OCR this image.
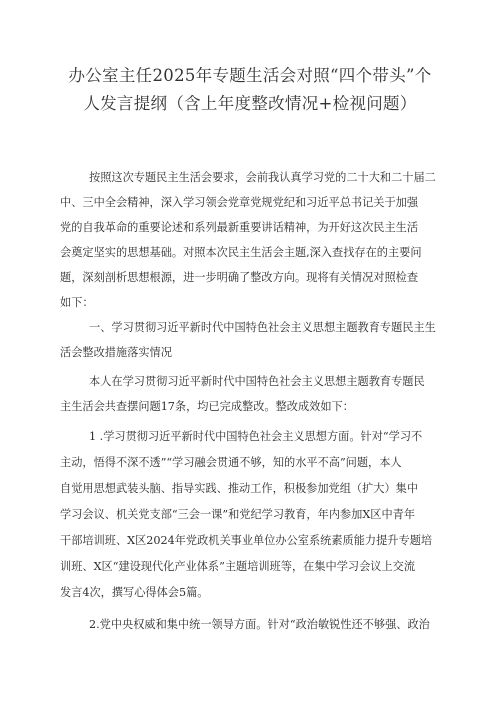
办公室主任2025年专题生活会对照“四个带头”个
人发言提纲（含上年度整改情况+检视问题）
按照这次专题民主生活会要求，会前我认真学习党的二十大和二十届二
中、三中全会精神，深入学习领会党章党规党纪和习近平总书记关于加强
党的自我革命的重要论述和系列最新重要讲话精神，为开好这次民主生活
会奠定坚实的思想基础。对照本次民主生活会主题,深入查找存在的主要问
题，深刻剖析思想根源，进一步明确了整改方向。现将有关情况对照检查
如下：
一、学习贯彻习近平新时代中国特色社会主义思想主题教育专题民主生
活会整改措施落实情况
本人在学习贯彻习近平新时代中国特色社会主义思想主题教育专题民
主生活会共查摆问题17条，均已完成整改。整改成效如下：
1 .学习贯彻习近平新时代中国特色社会主义思想方面。针对“学习不
主动，悟得不深不透”“学习融会贯通不够，知的水平不高”问题，本人
自觉用思想武装头脑、指导实践、推动工作，积极参加党组（扩大）集中
学习会议、机关党支部“三会一课”和党纪学习教育，年内参加X区中青年
干部培训班、X区2024年党政机关事业单位办公室系统素质能力提升专题培
训班、X区“建设现代化产业体系”主题培训班等，在集中学习会议上交流
发言4次，撰写心得体会5篇。
2.党中央权威和集中统一领导方面。针对“政治敏锐性还不够强、政治
